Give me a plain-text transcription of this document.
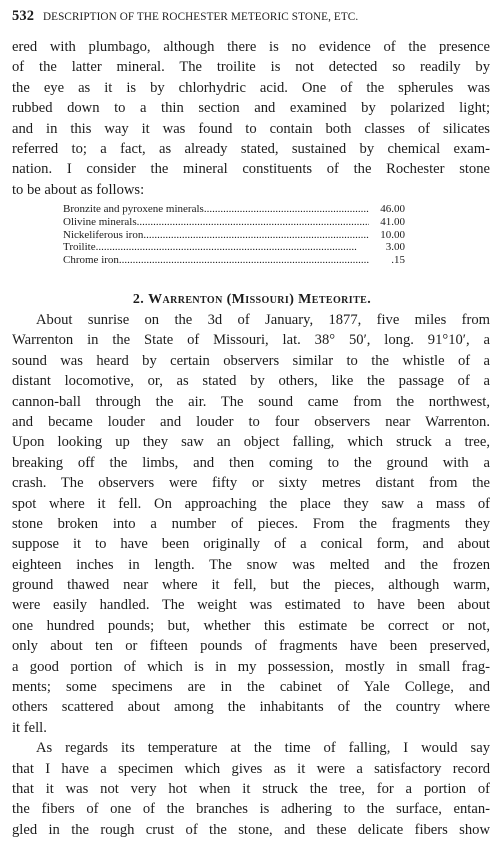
532 DESCRIPTION OF THE ROCHESTER METEORIC STONE, ETC.
ered with plumbago, although there is no evidence of the presence
of the latter mineral. The troilite is not detected so readily by
the eye as it is by chlorhydric acid. One of the spherules was
rubbed down to a thin section and examined by polarized light;
and in this way it was found to contain both classes of silicates
referred to; a fact, as already stated, sustained by chemical exam-
nation. I consider the mineral constituents of the Rochester stone
to be about as follows:
Bronzite and pyroxene minerals .....	46.00
Olivine minerals .....	41.00
Nickeliferous iron .....	10.00
Troilite .....	3.00
Chrome iron .....	.15
2. Warrenton (Missouri) Meteorite.
About sunrise on the 3d of January, 1877, five miles from
Warrenton in the State of Missouri, lat. 38° 50′, long. 91°10′, a
sound was heard by certain observers similar to the whistle of a
distant locomotive, or, as stated by others, like the passage of a
cannon-ball through the air. The sound came from the northwest,
and became louder and louder to four observers near Warrenton.
Upon looking up they saw an object falling, which struck a tree,
breaking off the limbs, and then coming to the ground with a
crash. The observers were fifty or sixty metres distant from the
spot where it fell. On approaching the place they saw a mass of
stone broken into a number of pieces. From the fragments they
suppose it to have been originally of a conical form, and about
eighteen inches in length. The snow was melted and the frozen
ground thawed near where it fell, but the pieces, although warm,
were easily handled. The weight was estimated to have been about
one hundred pounds; but, whether this estimate be correct or not,
only about ten or fifteen pounds of fragments have been preserved,
a good portion of which is in my possession, mostly in small frag-
ments; some specimens are in the cabinet of Yale College, and
others scattered about among the inhabitants of the country where
it fell.
As regards its temperature at the time of falling, I would say
that I have a specimen which gives as it were a satisfactory record
that it was not very hot when it struck the tree, for a portion of
the fibers of one of the branches is adhering to the surface, entan-
gled in the rough crust of the stone, and these delicate fibers show
